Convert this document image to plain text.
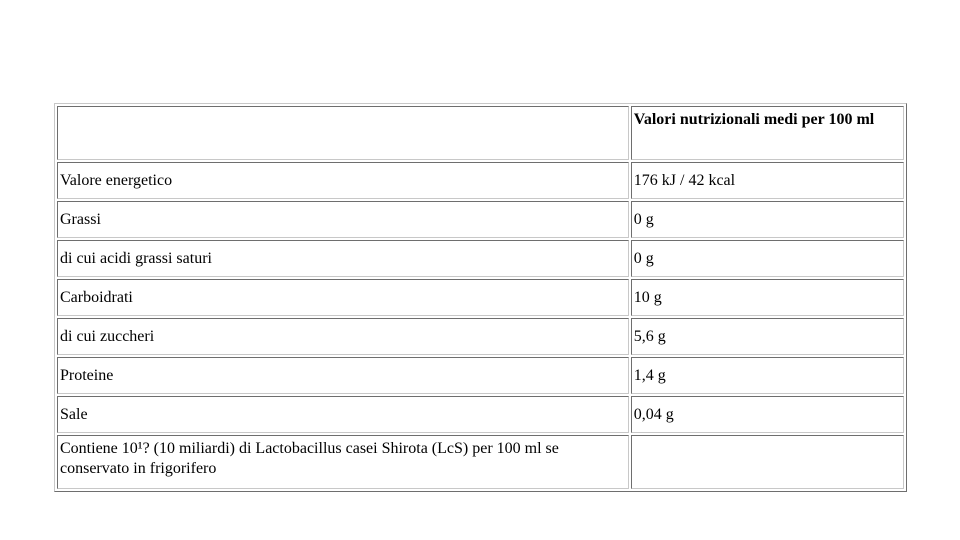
	Valori nutrizionali medi per 100 ml
Valore energetico	176 kJ / 42 kcal
Grassi	0 g
di cui acidi grassi saturi	0 g
Carboidrati	10 g
di cui zuccheri	5,6 g
Proteine	1,4 g
Sale	0,04 g
Contiene 10¹? (10 miliardi) di Lactobacillus casei Shirota (LcS) per 100 ml se conservato in frigorifero	
